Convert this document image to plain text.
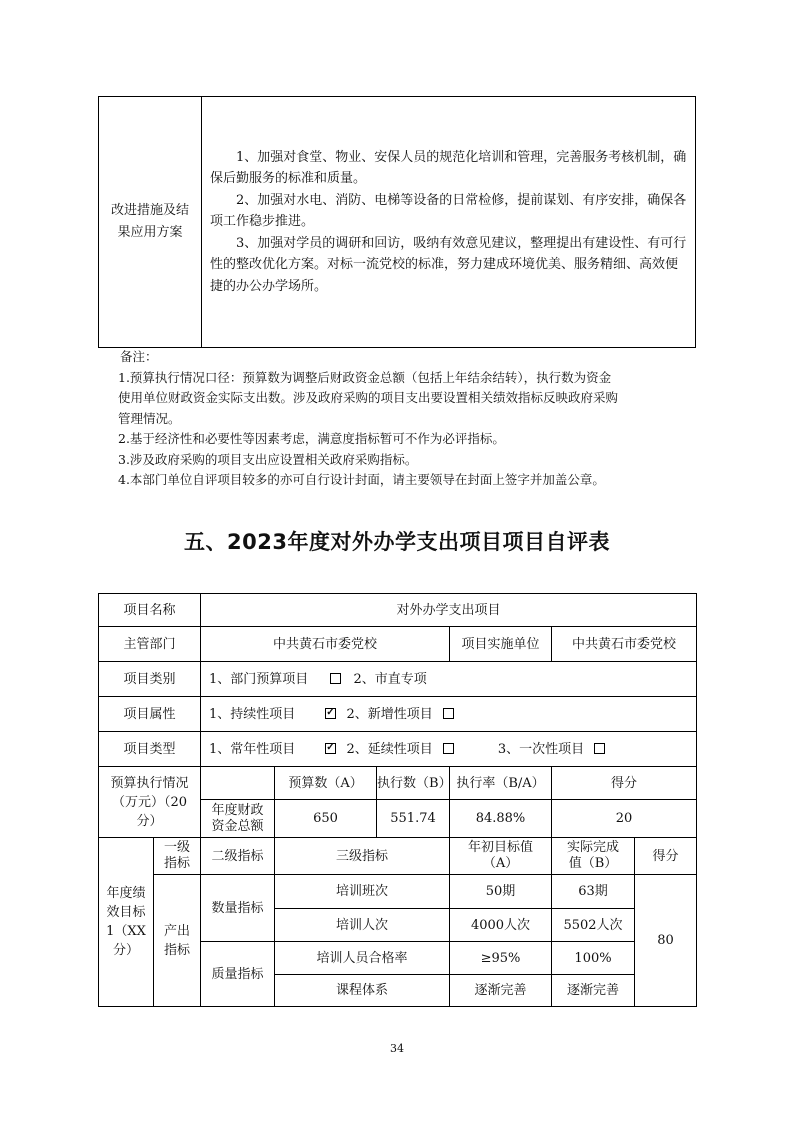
改进措施及结果应用方案

1、加强对食堂、物业、安保人员的规范化培训和管理，完善服务考核机制，确保后勤服务的标准和质量。

2、加强对水电、消防、电梯等设备的日常检修，提前谋划、有序安排，确保各项工作稳步推进。

3、加强对学员的调研和回访，吸纳有效意见建议，整理提出有建设性、有可行性的整改优化方案。对标一流党校的标准，努力建成环境优美、服务精细、高效便捷的办公办学场所。

备注：
1.预算执行情况口径：预算数为调整后财政资金总额（包括上年结余结转），执行数为资金
使用单位财政资金实际支出数。涉及政府采购的项目支出要设置相关绩效指标反映政府采购
管理情况。
2.基于经济性和必要性等因素考虑，满意度指标暂可不作为必评指标。
3.涉及政府采购的项目支出应设置相关政府采购指标。
4.本部门单位自评项目较多的亦可自行设计封面，请主要领导在封面上签字并加盖公章。
五、2023年度对外办学支出项目项目自评表
项目名称		对外办学支出项目					
主管部门		中共黄石市委党校			项目实施单位	中共黄石市委党校	
项目类别		1、部门预算项目 2、市直专项					
项目属性		1、持续性项目 ✓ 2、新增性项目
项目类型		1、常年性项目 ✓ 2、延续性项目 3、一次性项目

预算执行情况（万元）（20分）			预算数（A）	执行数（B）	执行率（B/A）	得分	

		年度财政资金总额	650	551.74	84.88%	20	

年度绩效目标1（XX分）	一级指标	二级指标	三级指标		年初目标值（A）	实际完成值（B）	得分

	产出指标	数量指标	培训班次		50期	63期	80
			培训人次		4000人次	5502人次	
		质量指标	培训人员合格率		≥95%	100%	
			课程体系		逐渐完善	逐渐完善	
34
